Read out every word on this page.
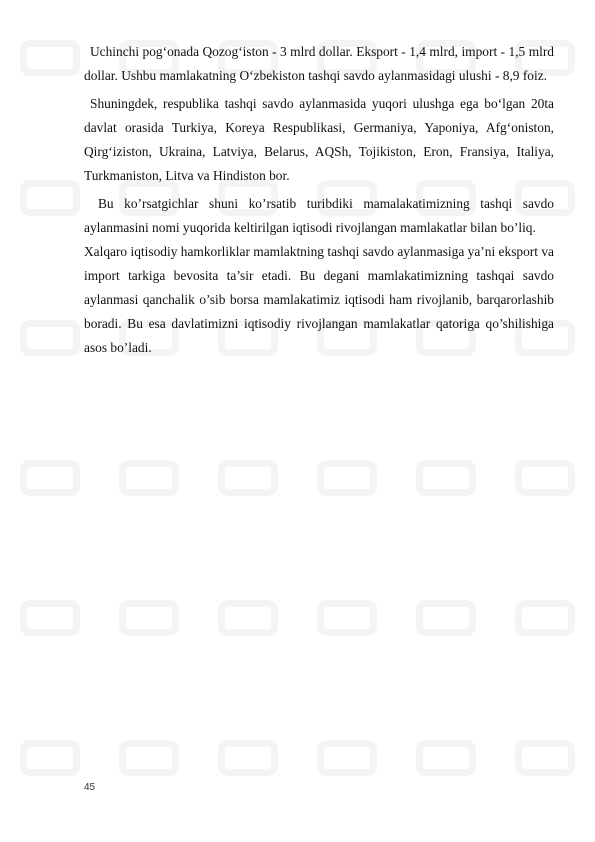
Uchinchi pog‘onada Qozog‘iston - 3 mlrd dollar. Eksport - 1,4 mlrd, import - 1,5 mlrd dollar. Ushbu mamlakatning O‘zbekiston tashqi savdo aylanmasidagi ulushi - 8,9 foiz.

Shuningdek, respublika tashqi savdo aylanmasida yuqori ulushga ega bo‘lgan 20ta davlat orasida Turkiya, Koreya Respublikasi, Germaniya, Yaponiya, Afg‘oniston, Qirg‘iziston, Ukraina, Latviya, Belarus, AQSh, Tojikiston, Eron, Fransiya, Italiya, Turkmaniston, Litva va Hindiston bor.

Bu ko’rsatgichlar shuni ko’rsatib turibdiki mamalakatimizning tashqi savdo aylanmasini nomi yuqorida keltirilgan iqtisodi rivojlangan mamlakatlar bilan bo’liq.

Xalqaro iqtisodiy hamkorliklar mamlaktning tashqi savdo aylanmasiga ya’ni eksport va import tarkiga bevosita ta’sir etadi. Bu degani mamlakatimizning tashqai savdo aylanmasi qanchalik o’sib borsa mamlakatimiz iqtisodi ham rivojlanib, barqarorlashib boradi. Bu esa davlatimizni iqtisodiy rivojlangan mamlakatlar qatoriga qo’shilishiga asos bo’ladi.

45
